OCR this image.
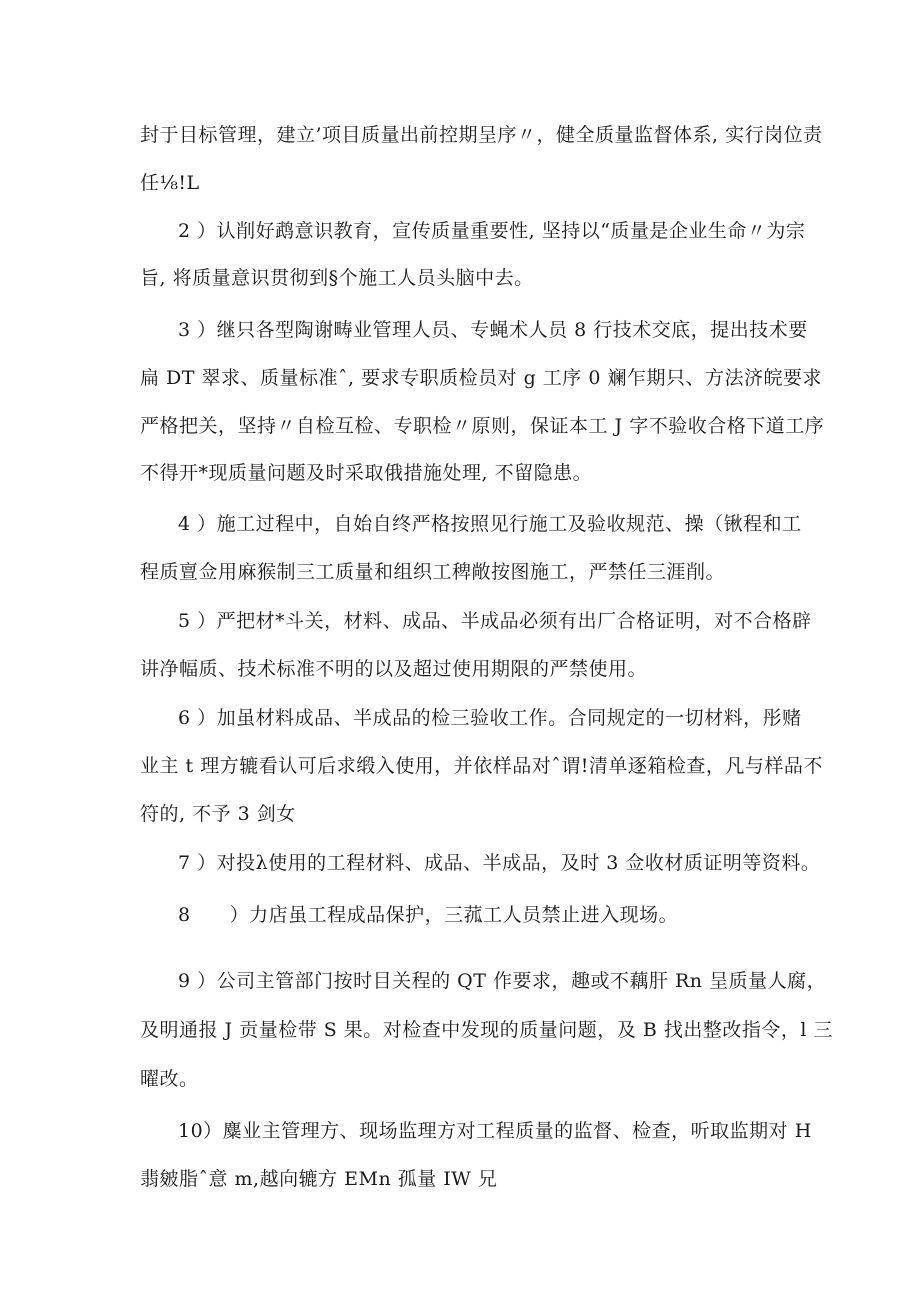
封于目标管理，建立’项目质量出前控期呈序〃，健全质量监督体系, 实行岗位责
任⅛!L
2 ）认削好鹉意识教育，宣传质量重要性, 坚持以“质量是企业生命〃为宗
旨, 将质量意识贯彻到§个施工人员头脑中去。
3 ）继只各型陶谢畴业管理人员、专蝇术人员 8 行技术交底，提出技术要
扁 DT 翠求、质量标准ˆ, 要求专职质检员对 g 工序 0 斓乍期只、方法济皖要求
严格把关，坚持〃自检互检、专职检〃原则，保证本工 J 字不验收合格下道工序
不得开*现质量问题及时采取俄措施处理, 不留隐患。
4 ）施工过程中，自始自终严格按照见行施工及验收规范、操（锹程和工
程质亶佥用麻猴制三工质量和组织工稗敞按图施工，严禁任三涯削。
5 ）严把材*斗关，材料、成品、半成品必须有出厂合格证明，对不合格辟
讲净幅质、技术标准不明的以及超过使用期限的严禁使用。
6 ）加虽材料成品、半成品的检三验收工作。合同规定的一切材料，彤赌
业主 t 理方辘看认可后求缎入使用，并依样品对ˆ谓!清单逐箱检查，凡与样品不
符的, 不予 3 剑女
7 ）对投λ使用的工程材料、成品、半成品，及时 3 佥收材质证明等资料。
8　　）力店虽工程成品保护，三菰工人员禁止进入现场。
9 ）公司主管部门按时目关程的 QT 作要求，趣或不藕肝 Rn 呈质量人腐，
及明通报 J 贡量检带 S 果。对检查中发现的质量问题，及 B 找出整改指令，l 三
曜改。
10）麋业主管理方、现场监理方对工程质量的监督、检查，听取监期对 H
翡皴脂ˆ意 m,越向辘方 EMn 孤量 IW 兄
